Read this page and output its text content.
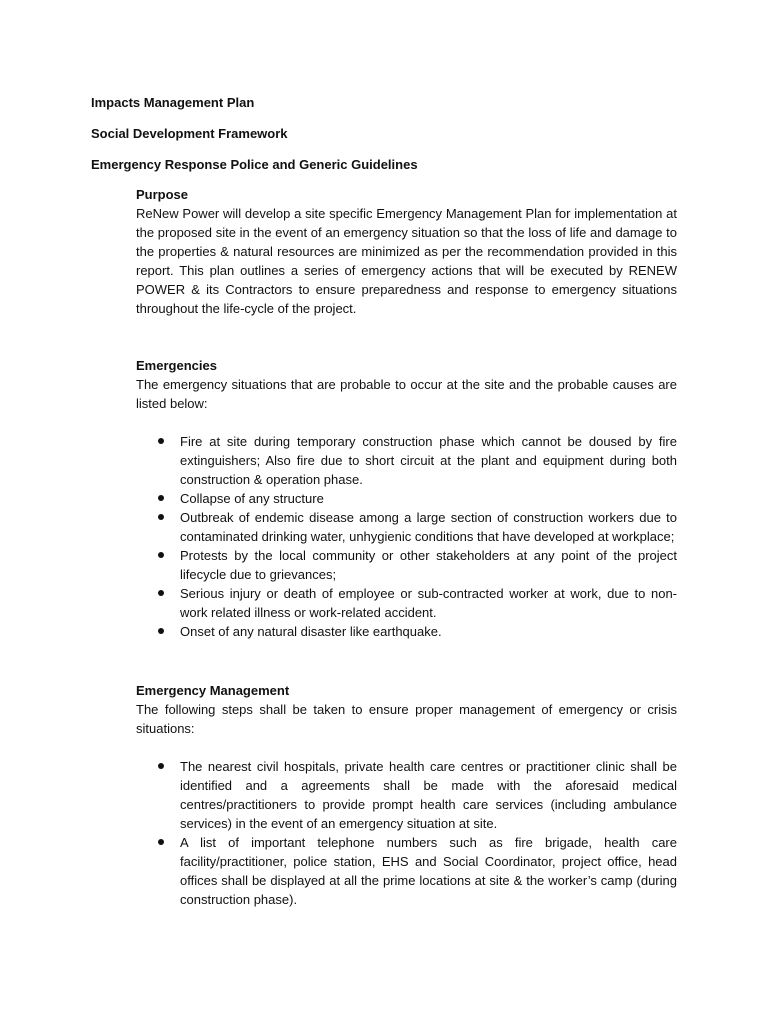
Impacts Management Plan
Social Development Framework
Emergency Response Police and Generic Guidelines

Purpose

ReNew Power will develop a site specific Emergency Management Plan for implementation at the proposed site in the event of an emergency situation so that the loss of life and damage to the properties & natural resources are minimized as per the recommendation provided in this report. This plan outlines a series of emergency actions that will be executed by RENEW POWER & its Contractors to ensure preparedness and response to emergency situations throughout the life-cycle of the project.

Emergencies

The emergency situations that are probable to occur at the site and the probable causes are listed below:

Fire at site during temporary construction phase which cannot be doused by fire extinguishers; Also fire due to short circuit at the plant and equipment during both construction & operation phase.
Collapse of any structure
Outbreak of endemic disease among a large section of construction workers due to contaminated drinking water, unhygienic conditions that have developed at workplace;
Protests by the local community or other stakeholders at any point of the project lifecycle due to grievances;
Serious injury or death of employee or sub-contracted worker at work, due to non-work related illness or work-related accident.
Onset of any natural disaster like earthquake.

Emergency Management

The following steps shall be taken to ensure proper management of emergency or crisis situations:

The nearest civil hospitals, private health care centres or practitioner clinic shall be identified and a agreements shall be made with the aforesaid medical centres/practitioners to provide prompt health care services (including ambulance services) in the event of an emergency situation at site.
A list of important telephone numbers such as fire brigade, health care facility/practitioner, police station, EHS and Social Coordinator, project office, head offices shall be displayed at all the prime locations at site & the worker’s camp (during construction phase).
